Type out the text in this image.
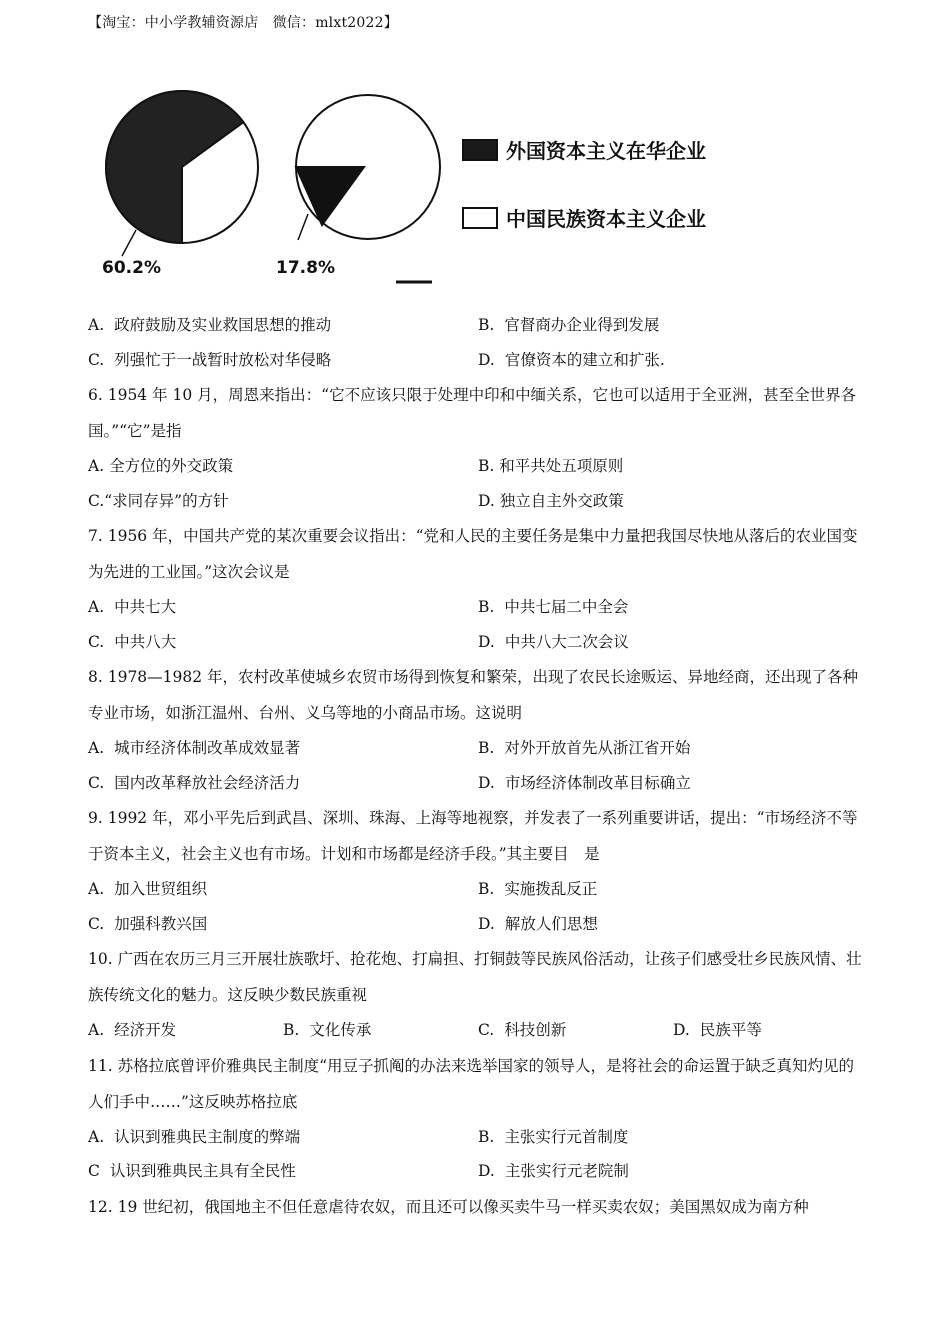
【淘宝：中小学教辅资源店　微信：mlxt2022】
60.2%	17.8%
外国资本主义在华企业
中国民族资本主义企业
A. 政府鼓励及实业救国思想的推动	B. 官督商办企业得到发展
C. 列强忙于一战暂时放松对华侵略	D. 官僚资本的建立和扩张.
6. 1954 年 10 月，周恩来指出：“它不应该只限于处理中印和中缅关系，它也可以适用于全亚洲，甚至全世界各国。”“它”是指
A. 全方位的外交政策	B. 和平共处五项原则
C.“求同存异”的方针	D. 独立自主外交政策
7. 1956 年，中国共产党的某次重要会议指出：“党和人民的主要任务是集中力量把我国尽快地从落后的农业国变为先进的工业国。”这次会议是
A. 中共七大	B. 中共七届二中全会
C. 中共八大	D. 中共八大二次会议
8. 1978—1982 年，农村改革使城乡农贸市场得到恢复和繁荣，出现了农民长途贩运、异地经商，还出现了各种专业市场，如浙江温州、台州、义乌等地的小商品市场。这说明
A. 城市经济体制改革成效显著	B. 对外开放首先从浙江省开始
C. 国内改革释放社会经济活力	D. 市场经济体制改革目标确立
9. 1992 年，邓小平先后到武昌、深圳、珠海、上海等地视察，并发表了一系列重要讲话，提出：“市场经济不等于资本主义，社会主义也有市场。计划和市场都是经济手段。”其主要目　是
A. 加入世贸组织	B. 实施拨乱反正
C. 加强科教兴国	D. 解放人们思想
10. 广西在农历三月三开展壮族歌圩、抢花炮、打扁担、打铜鼓等民族风俗活动，让孩子们感受壮乡民族风情、壮族传统文化的魅力。这反映少数民族重视
A. 经济开发	B. 文化传承	C. 科技创新	D. 民族平等
11. 苏格拉底曾评价雅典民主制度“用豆子抓阄的办法来选举国家的领导人，是将社会的命运置于缺乏真知灼见的人们手中……”这反映苏格拉底
A. 认识到雅典民主制度的弊端	B. 主张实行元首制度
C 认识到雅典民主具有全民性	D. 主张实行元老院制
12. 19 世纪初，俄国地主不但任意虐待农奴，而且还可以像买卖牛马一样买卖农奴；美国黑奴成为南方种
